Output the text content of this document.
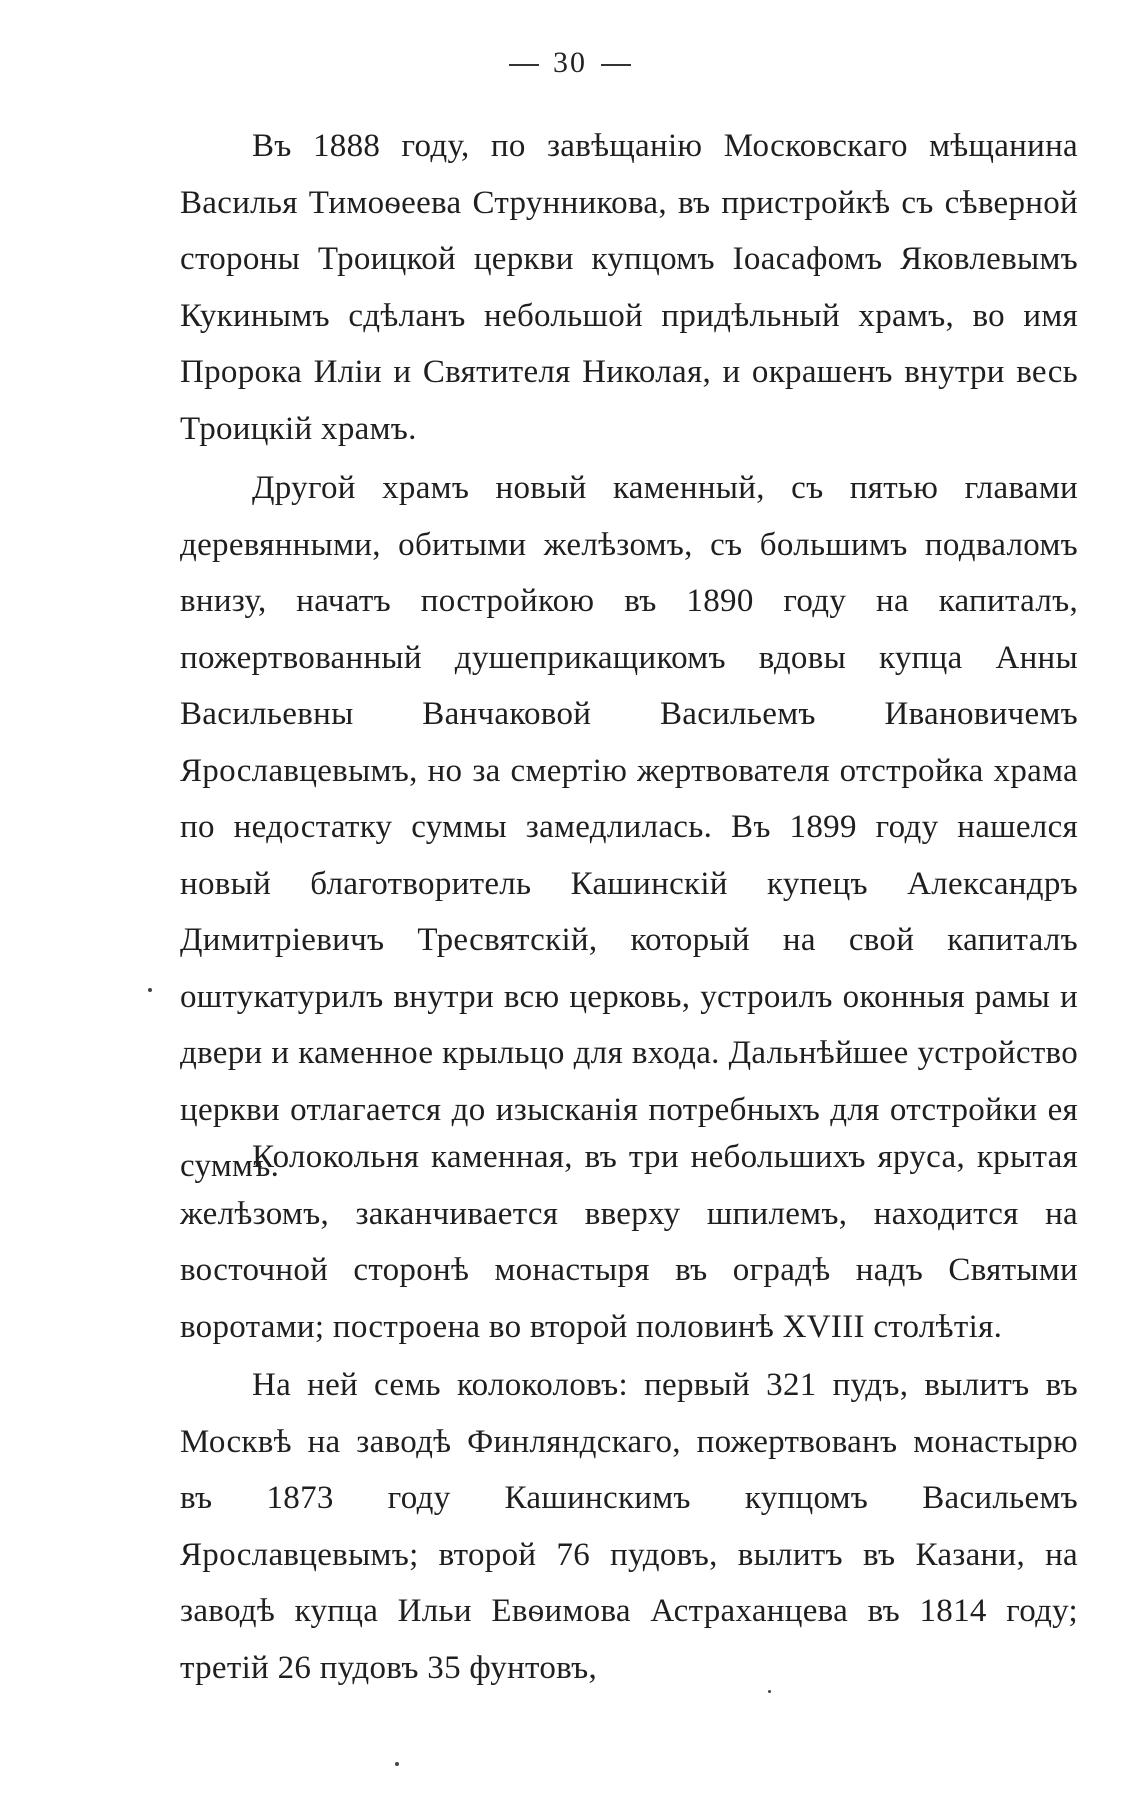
30

Въ 1888 году, по завѣщанію Московскаго мѣщанина Василья Тимоѳеева Струнникова, въ пристройкѣ съ сѣверной стороны Троицкой церкви купцомъ Іоасафомъ Яковлевымъ Кукинымъ сдѣланъ небольшой придѣльный храмъ, во имя Пророка Иліи и Святителя Николая, и окрашенъ внутри весь Троицкій храмъ.

Другой храмъ новый каменный, съ пятью главами деревянными, обитыми желѣзомъ, съ большимъ подваломъ внизу, начатъ постройкою въ 1890 году на капиталъ, пожертвованный душеприкащикомъ вдовы купца Анны Васильевны Ванчаковой Васильемъ Ивановичемъ Ярославцевымъ, но за смертію жертвователя отстройка храма по недостатку суммы замедлилась. Въ 1899 году нашелся новый благотворитель Кашинскій купецъ Александръ Димитріевичъ Тресвятскій, который на свой капиталъ оштукатурилъ внутри всю церковь, устроилъ оконныя рамы и двери и каменное крыльцо для входа. Дальнѣйшее устройство церкви отлагается до изысканія потребныхъ для отстройки ея суммъ.

Колокольня каменная, въ три небольшихъ яруса, крытая желѣзомъ, заканчивается вверху шпилемъ, находится на восточной сторонѣ монастыря въ оградѣ надъ Святыми воротами; построена во второй половинѣ XVIII столѣтія.

На ней семь колоколовъ: первый 321 пудъ, вылитъ въ Москвѣ на заводѣ Финляндскаго, пожертвованъ монастырю въ 1873 году Кашинскимъ купцомъ Васильемъ Ярославцевымъ; второй 76 пудовъ, вылитъ въ Казани, на заводѣ купца Ильи Евѳимова Астраханцева въ 1814 году; третій 26 пудовъ 35 фунтовъ,
